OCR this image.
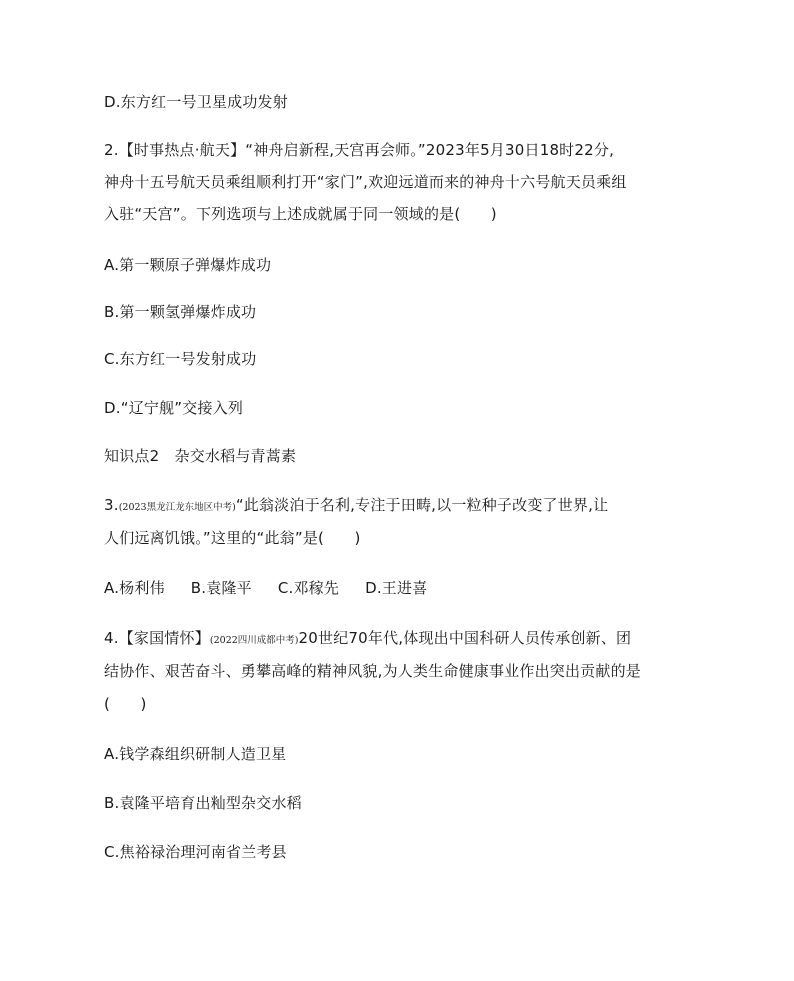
D.东方红一号卫星成功发射
2.【时事热点·航天】“神舟启新程,天宫再会师。”2023年5月30日18时22分,
神舟十五号航天员乘组顺利打开“家门”,欢迎远道而来的神舟十六号航天员乘组
入驻“天宫”。下列选项与上述成就属于同一领域的是(　　)
A.第一颗原子弹爆炸成功
B.第一颗氢弹爆炸成功
C.东方红一号发射成功
D.“辽宁舰”交接入列
知识点2　杂交水稻与青蒿素
3.(2023黑龙江龙东地区中考)“此翁淡泊于名利,专注于田畴,以一粒种子改变了世界,让
人们远离饥饿。”这里的“此翁”是(　　)
A.杨利伟 B.袁隆平 C.邓稼先 D.王进喜
4.【家国情怀】(2022四川成都中考)20世纪70年代,体现出中国科研人员传承创新、团
结协作、艰苦奋斗、勇攀高峰的精神风貌,为人类生命健康事业作出突出贡献的是
(　　)
A.钱学森组织研制人造卫星
B.袁隆平培育出籼型杂交水稻
C.焦裕禄治理河南省兰考县
